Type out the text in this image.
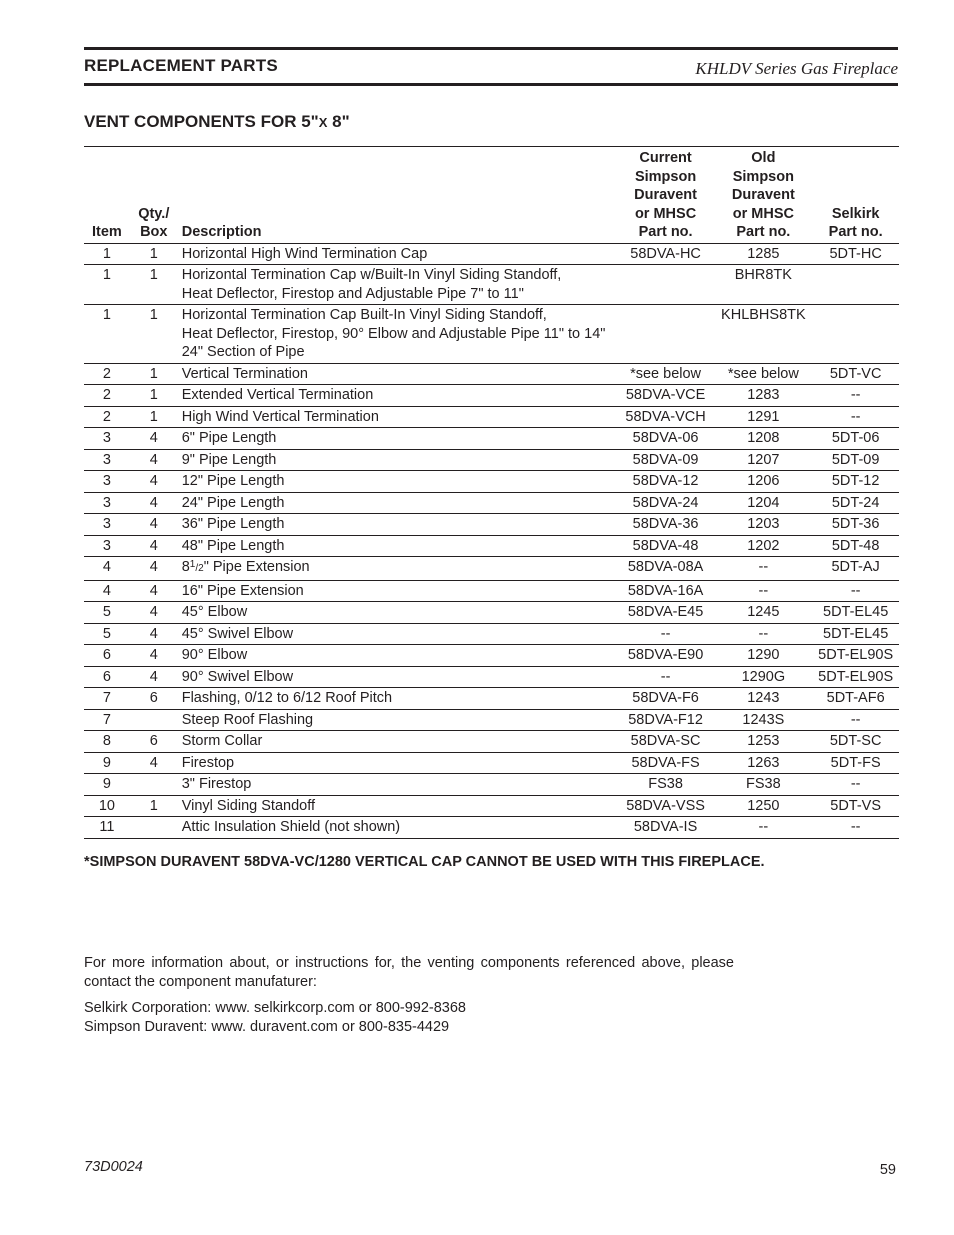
REPLACEMENT PARTS	KHLDV Series Gas Fireplace
VENT COMPONENTS FOR 5"X 8"
Item	Qty./
Box	Description	Current
Simpson
Duravent
or MHSC
Part no.	Old
Simpson
Duravent
or MHSC
Part no.	Selkirk
Part no.

1	1	Horizontal High Wind Termination Cap	58DVA-HC	1285	5DT-HC
1	1	Horizontal Termination Cap w/Built-In Vinyl Siding Standoff,
Heat Deflector, Firestop and Adjustable Pipe 7" to 11"		BHR8TK	
1	1	Horizontal Termination Cap Built-In Vinyl Siding Standoff,
Heat Deflector, Firestop, 90° Elbow and Adjustable Pipe 11" to 14"
24" Section of Pipe		KHLBHS8TK	
2	1	Vertical Termination	*see below	*see below	5DT-VC
2	1	Extended Vertical Termination	58DVA-VCE	1283	--
2	1	High Wind Vertical Termination	58DVA-VCH	1291	--
3	4	6" Pipe Length	58DVA-06	1208	5DT-06
3	4	9" Pipe Length	58DVA-09	1207	5DT-09
3	4	12" Pipe Length	58DVA-12	1206	5DT-12
3	4	24" Pipe Length	58DVA-24	1204	5DT-24
3	4	36" Pipe Length	58DVA-36	1203	5DT-36
3	4	48" Pipe Length	58DVA-48	1202	5DT-48
4	4	$8^1/2$" Pipe Extension	58DVA-08A	--	5DT-AJ
4	4	16" Pipe Extension	58DVA-16A	--	--
5	4	45° Elbow	58DVA-E45	1245	5DT-EL45
5	4	45° Swivel Elbow	--	--	5DT-EL45
6	4	90° Elbow	58DVA-E90	1290	5DT-EL90S
6	4	90° Swivel Elbow	--	1290G	5DT-EL90S
7	6	Flashing, 0/12 to 6/12 Roof Pitch	58DVA-F6	1243	5DT-AF6
7		Steep Roof Flashing	58DVA-F12	1243S	--
8	6	Storm Collar	58DVA-SC	1253	5DT-SC
9	4	Firestop	58DVA-FS	1263	5DT-FS
9		3" Firestop	FS38	FS38	--
10	1	Vinyl Siding Standoff	58DVA-VSS	1250	5DT-VS
11		Attic Insulation Shield (not shown)	58DVA-IS	--	--
*SIMPSON DURAVENT 58DVA-VC/1280 VERTICAL CAP CANNOT BE USED WITH THIS FIREPLACE.

For more information about, or instructions for, the venting components referenced above, please contact the component manufaturer:

Selkirk Corporation: www. selkirkcorp.com or 800-992-8368

Simpson Duravent: www. duravent.com or 800-835-4429

73D0024	59
